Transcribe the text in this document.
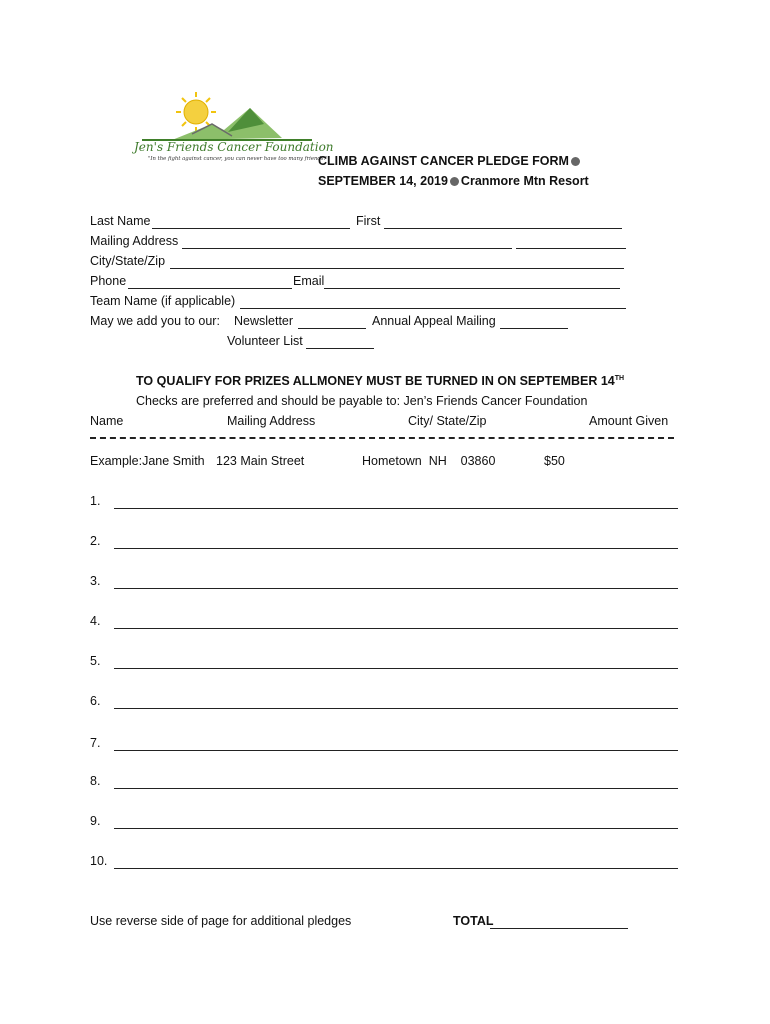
Jen's Friends Cancer Foundation
"In the fight against cancer, you can never have too many friends."
CLIMB AGAINST CANCER PLEDGE FORM
SEPTEMBER 14, 2019 Cranmore Mtn Resort
Last Name	First
Mailing Address
City/State/Zip
Phone	Email
Team Name (if applicable)
May we add you to our: Newsletter	Annual Appeal Mailing
Volunteer List
TO QUALIFY FOR PRIZES ALLMONEY MUST BE TURNED IN ON SEPTEMBER 14TH
Checks are preferred and should be payable to: Jen’s Friends Cancer Foundation
Name	Mailing Address	City/ State/Zip	Amount Given
Example:Jane Smith 123 Main Street	Hometown  NH    03860	$50
1.
2.
3.
4.
5.
6.
7.
8.
9.
10.
Use reverse side of page for additional pledges	TOTAL
